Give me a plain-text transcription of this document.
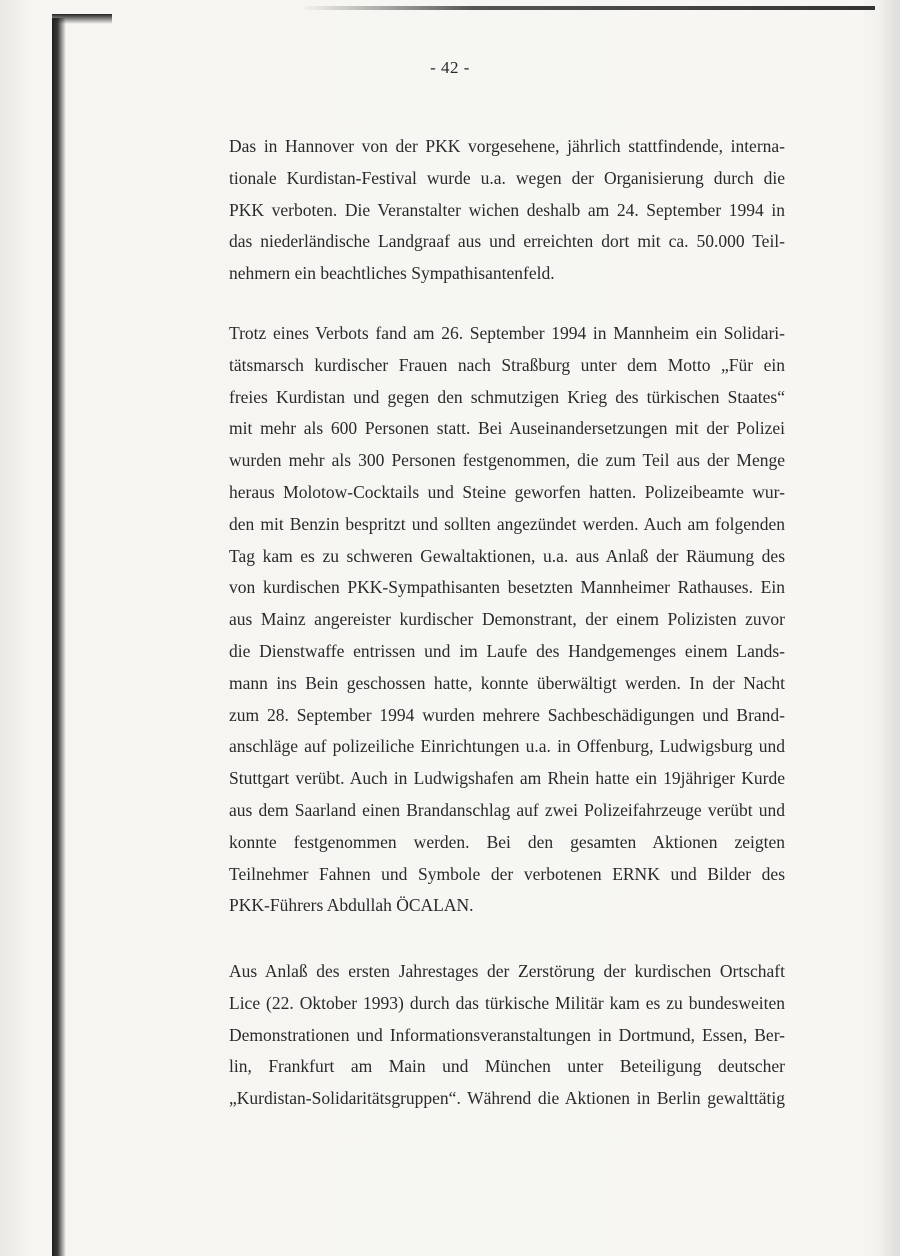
- 42 -
Das in Hannover von der PKK vorgesehene, jährlich stattfindende, interna-
tionale Kurdistan-Festival wurde u.a. wegen der Organisierung durch die
PKK verboten. Die Veranstalter wichen deshalb am 24. September 1994 in
das niederländische Landgraaf aus und erreichten dort mit ca. 50.000 Teil-
nehmern ein beachtliches Sympathisantenfeld.
Trotz eines Verbots fand am 26. September 1994 in Mannheim ein Solidari-
tätsmarsch kurdischer Frauen nach Straßburg unter dem Motto „Für ein
freies Kurdistan und gegen den schmutzigen Krieg des türkischen Staates“
mit mehr als 600 Personen statt. Bei Auseinandersetzungen mit der Polizei
wurden mehr als 300 Personen festgenommen, die zum Teil aus der Menge
heraus Molotow-Cocktails und Steine geworfen hatten. Polizeibeamte wur-
den mit Benzin bespritzt und sollten angezündet werden. Auch am folgenden
Tag kam es zu schweren Gewaltaktionen, u.a. aus Anlaß der Räumung des
von kurdischen PKK-Sympathisanten besetzten Mannheimer Rathauses. Ein
aus Mainz angereister kurdischer Demonstrant, der einem Polizisten zuvor
die Dienstwaffe entrissen und im Laufe des Handgemenges einem Lands-
mann ins Bein geschossen hatte, konnte überwältigt werden. In der Nacht
zum 28. September 1994 wurden mehrere Sachbeschädigungen und Brand-
anschläge auf polizeiliche Einrichtungen u.a. in Offenburg, Ludwigsburg und
Stuttgart verübt. Auch in Ludwigshafen am Rhein hatte ein 19jähriger Kurde
aus dem Saarland einen Brandanschlag auf zwei Polizeifahrzeuge verübt und
konnte festgenommen werden. Bei den gesamten Aktionen zeigten
Teilnehmer Fahnen und Symbole der verbotenen ERNK und Bilder des
PKK-Führers Abdullah ÖCALAN.
Aus Anlaß des ersten Jahrestages der Zerstörung der kurdischen Ortschaft
Lice (22. Oktober 1993) durch das türkische Militär kam es zu bundesweiten
Demonstrationen und Informationsveranstaltungen in Dortmund, Essen, Ber-
lin, Frankfurt am Main und München unter Beteiligung deutscher
„Kurdistan-Solidaritätsgruppen“. Während die Aktionen in Berlin gewalttätig
